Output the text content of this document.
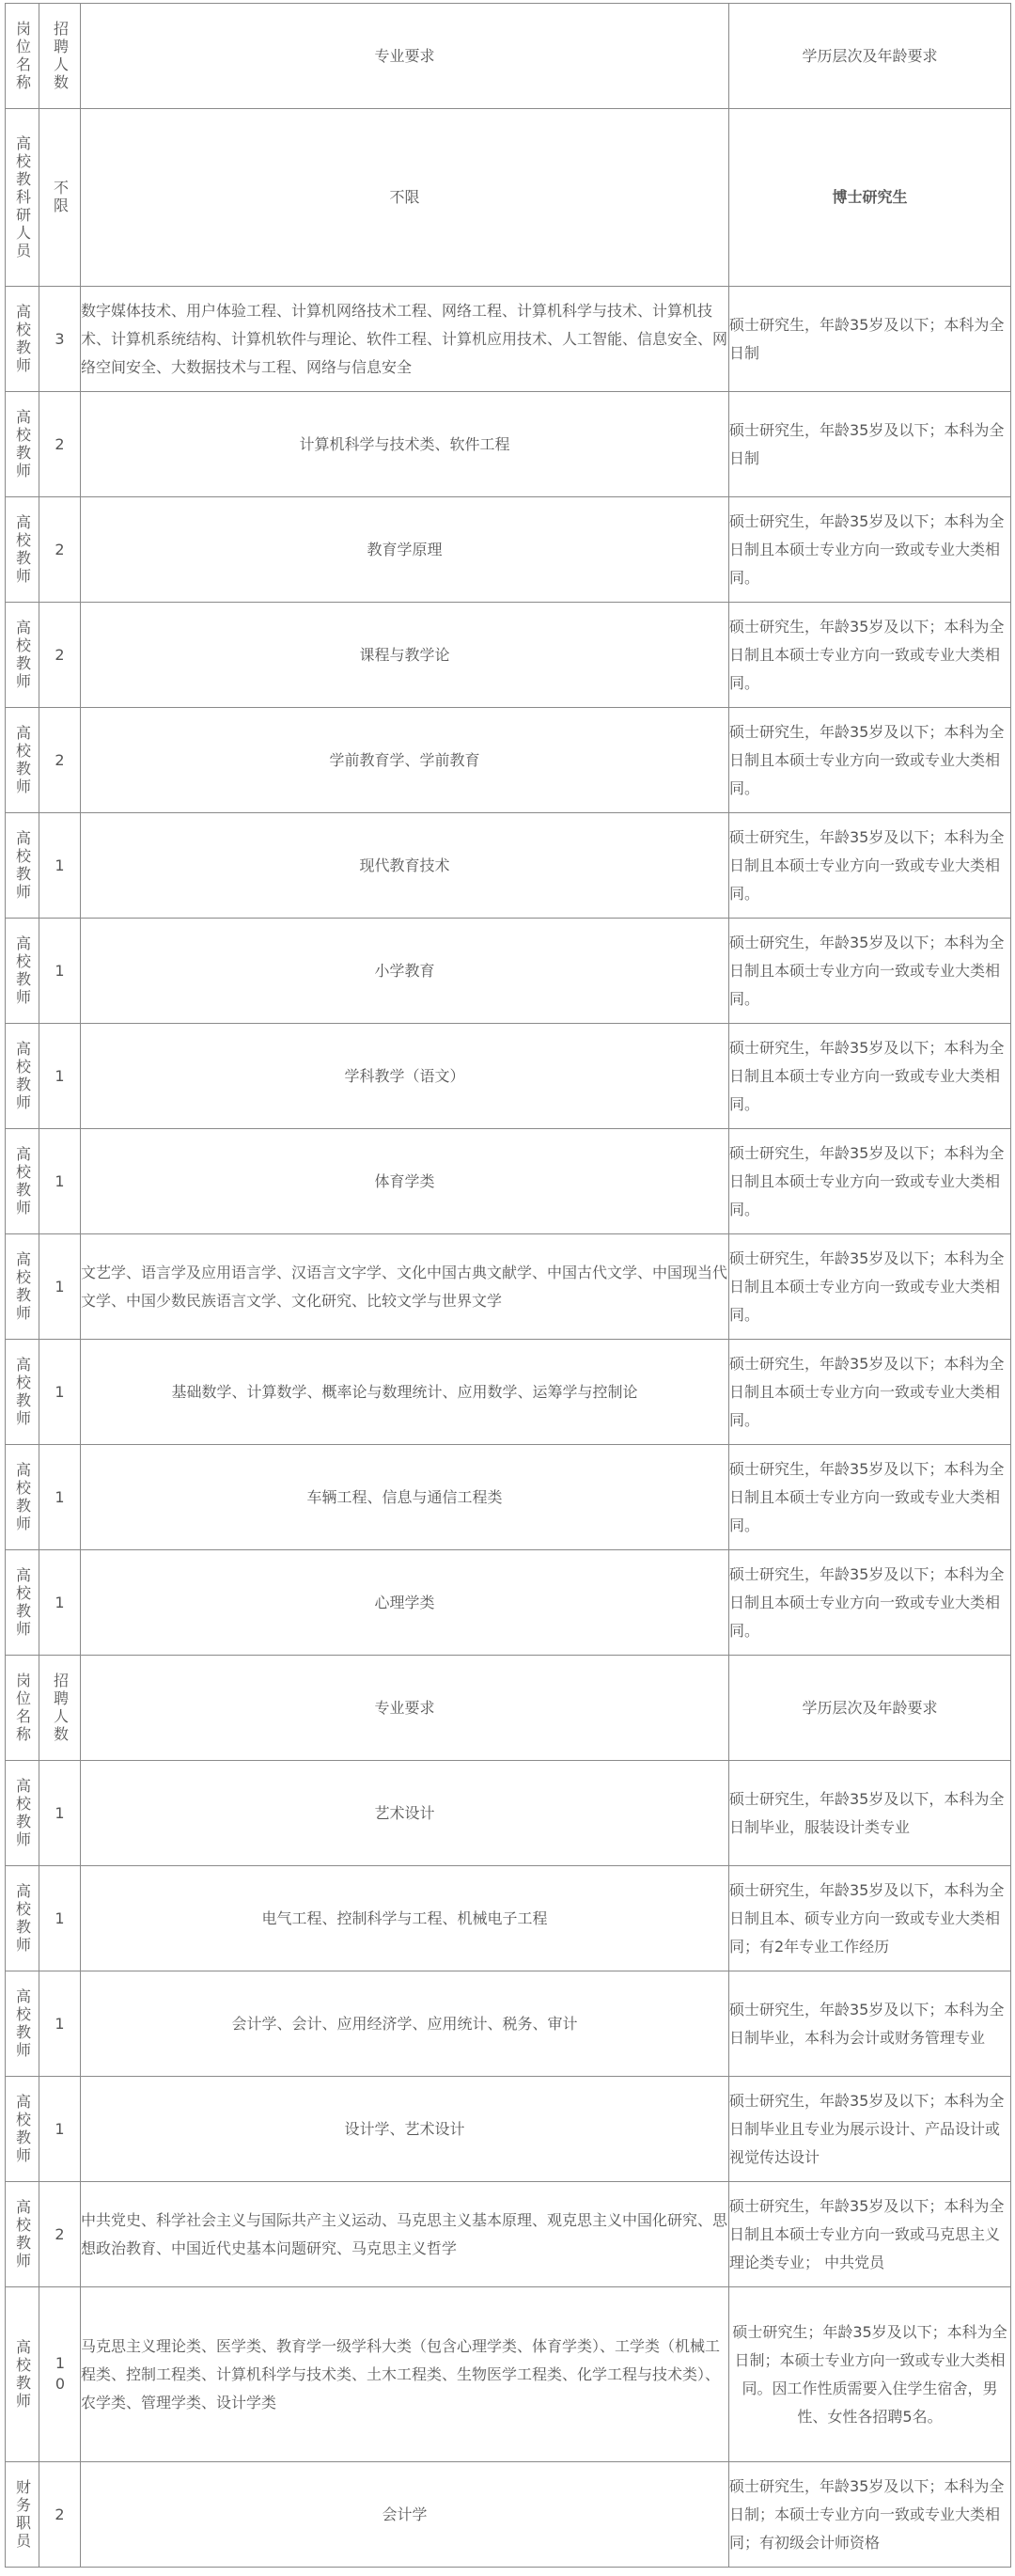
岗位名称	招聘人数	专业要求	学历层次及年龄要求

高校教科研人员	不限	不限	博士研究生

高校教师	3	数字媒体技术、用户体验工程、计算机网络技术工程、网络工程、计算机科学与技术、计算机技术、计算机系统结构、计算机软件与理论、软件工程、计算机应用技术、人工智能、信息安全、网络空间安全、大数据技术与工程、网络与信息安全	硕士研究生，年龄35岁及以下；本科为全日制

高校教师	2	计算机科学与技术类、软件工程	硕士研究生，年龄35岁及以下；本科为全日制

高校教师	2	教育学原理	硕士研究生，年龄35岁及以下；本科为全日制且本硕士专业方向一致或专业大类相同。

高校教师	2	课程与教学论	硕士研究生，年龄35岁及以下；本科为全日制且本硕士专业方向一致或专业大类相同。

高校教师	2	学前教育学、学前教育	硕士研究生，年龄35岁及以下；本科为全日制且本硕士专业方向一致或专业大类相同。

高校教师	1	现代教育技术	硕士研究生，年龄35岁及以下；本科为全日制且本硕士专业方向一致或专业大类相同。

高校教师	1	小学教育	硕士研究生，年龄35岁及以下；本科为全日制且本硕士专业方向一致或专业大类相同。

高校教师	1	学科教学（语文）	硕士研究生，年龄35岁及以下；本科为全日制且本硕士专业方向一致或专业大类相同。

高校教师	1	体育学类	硕士研究生，年龄35岁及以下；本科为全日制且本硕士专业方向一致或专业大类相同。

高校教师	1	文艺学、语言学及应用语言学、汉语言文字学、文化中国古典文献学、中国古代文学、中国现当代文学、中国少数民族语言文学、文化研究、比较文学与世界文学	硕士研究生，年龄35岁及以下；本科为全日制且本硕士专业方向一致或专业大类相同。

高校教师	1	基础数学、计算数学、概率论与数理统计、应用数学、运筹学与控制论	硕士研究生，年龄35岁及以下；本科为全日制且本硕士专业方向一致或专业大类相同。

高校教师	1	车辆工程、信息与通信工程类	硕士研究生，年龄35岁及以下；本科为全日制且本硕士专业方向一致或专业大类相同。

高校教师	1	心理学类	硕士研究生，年龄35岁及以下；本科为全日制且本硕士专业方向一致或专业大类相同。

岗位名称	招聘人数	专业要求	学历层次及年龄要求

高校教师	1	艺术设计	硕士研究生，年龄35岁及以下，本科为全日制毕业，服装设计类专业

高校教师	1	电气工程、控制科学与工程、机械电子工程	硕士研究生，年龄35岁及以下，本科为全日制且本、硕专业方向一致或专业大类相同；有2年专业工作经历

高校教师	1	会计学、会计、应用经济学、应用统计、税务、审计	硕士研究生，年龄35岁及以下；本科为全日制毕业，本科为会计或财务管理专业

高校教师	1	设计学、艺术设计	硕士研究生，年龄35岁及以下；本科为全日制毕业且专业为展示设计、产品设计或视觉传达设计

高校教师	2	中共党史、科学社会主义与国际共产主义运动、马克思主义基本原理、观克思主义中国化研究、思想政治教育、中国近代史基本问题研究、马克思主义哲学	硕士研究生，年龄35岁及以下；本科为全日制且本硕士专业方向一致或马克思主义理论类专业； 中共党员

高校教师	10	马克思主义理论类、医学类、教育学一级学科大类（包含心理学类、体育学类）、工学类（机械工程类、控制工程类、计算机科学与技术类、土木工程类、生物医学工程类、化学工程与技术类）、农学类、管理学类、设计学类	硕士研究生；年龄35岁及以下；本科为全日制；本硕士专业方向一致或专业大类相同。因工作性质需要入住学生宿舍，男性、女性各招聘5名。

财务职员	2	会计学	硕士研究生，年龄35岁及以下；本科为全日制；本硕士专业方向一致或专业大类相同；有初级会计师资格
